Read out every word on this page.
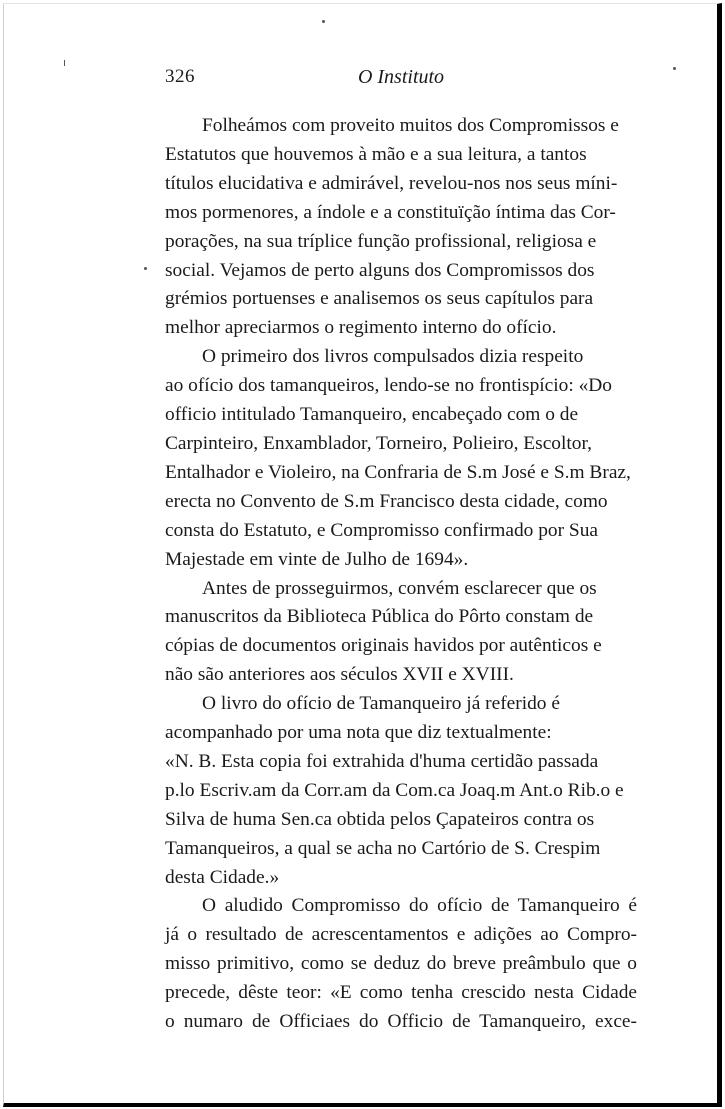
326	O Instituto

Folheámos com proveito muitos dos Compromissos e
Estatutos que houvemos à mão e a sua leitura, a tantos
títulos elucidativa e admirável, revelou-nos nos seus míni-
mos pormenores, a índole e a constituïção íntima das Cor-
porações, na sua tríplice função profissional, religiosa e
social. Vejamos de perto alguns dos Compromissos dos
grémios portuenses e analisemos os seus capítulos para
melhor apreciarmos o regimento interno do ofício.

O primeiro dos livros compulsados dizia respeito
ao ofício dos tamanqueiros, lendo-se no frontispício: «Do
officio intitulado Tamanqueiro, encabeçado com o de
Carpinteiro, Enxamblador, Torneiro, Polieiro, Escoltor,
Entalhador e Violeiro, na Confraria de S.m José e S.m Braz,
erecta no Convento de S.m Francisco desta cidade, como
consta do Estatuto, e Compromisso confirmado por Sua
Majestade em vinte de Julho de 1694».

Antes de prosseguirmos, convém esclarecer que os
manuscritos da Biblioteca Pública do Pôrto constam de
cópias de documentos originais havidos por autênticos e
não são anteriores aos séculos XVII e XVIII.

O livro do ofício de Tamanqueiro já referido é
acompanhado por uma nota que diz textualmente:
«N. B. Esta copia foi extrahida d'huma certidão passada
p.lo Escriv.am da Corr.am da Com.ca Joaq.m Ant.o Rib.o e
Silva de huma Sen.ca obtida pelos Çapateiros contra os
Tamanqueiros, a qual se acha no Cartório de S. Crespim
desta Cidade.»

O aludido Compromisso do ofício de Tamanqueiro é
já o resultado de acrescentamentos e adições ao Compro-
misso primitivo, como se deduz do breve preâmbulo que o
precede, dêste teor: «E como tenha crescido nesta Cidade
o numaro de Officiaes do Officio de Tamanqueiro, exce-
